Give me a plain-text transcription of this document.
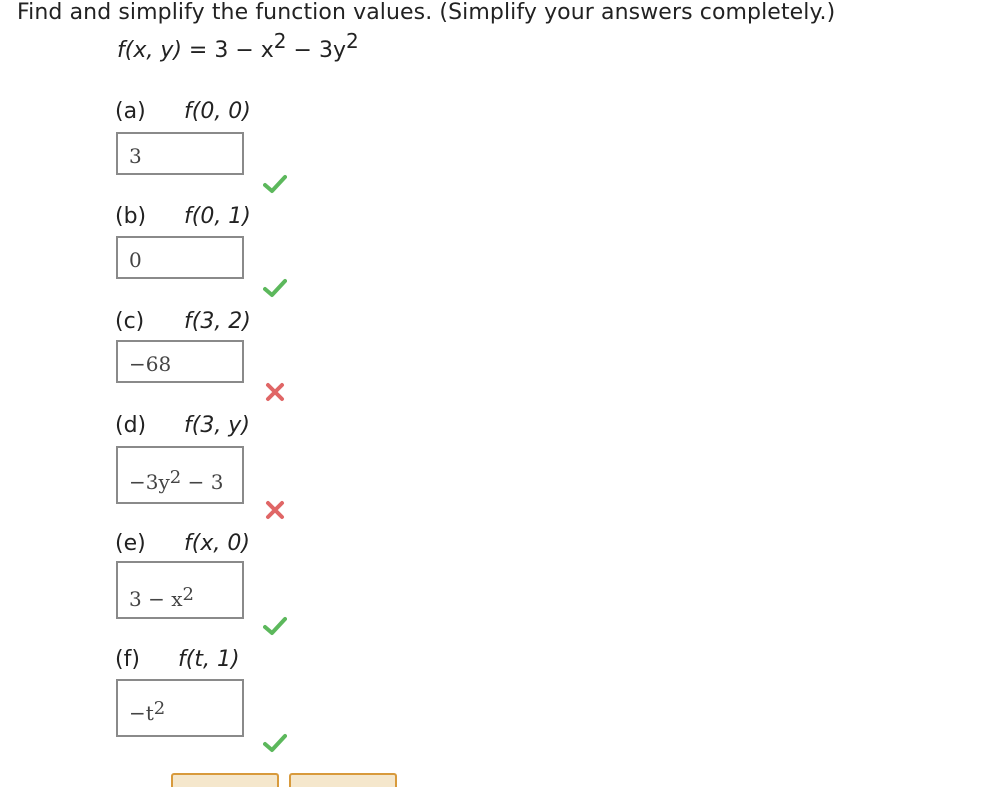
Find and simplify the function values. (Simplify your answers completely.)
f(x, $y) = 3 - x^2 - 3y^2$
(a) f(0, 0)
3
(b) f(0, 1)
0
(c) f(3, 2)
−68
(d) f(3, y)
$-3y^2 - 3$
(e) f(x, 0)
$3 - x^2$
(f) f(t, 1)
$-t^2$
